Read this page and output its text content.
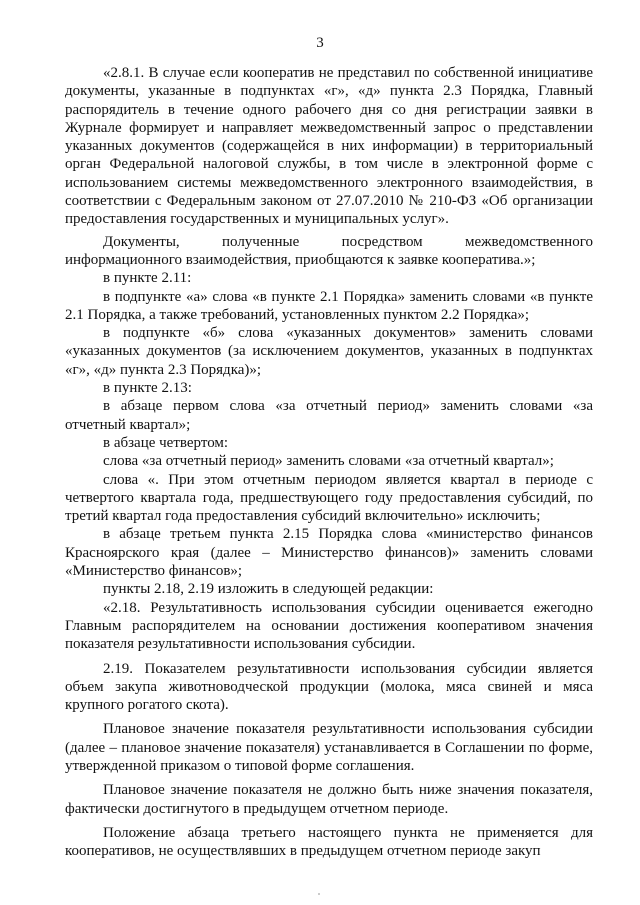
3

«2.8.1. В случае если кооператив не представил по собственной инициативе документы, указанные в подпунктах «г», «д» пункта 2.3 Порядка, Главный распорядитель в течение одного рабочего дня со дня регистрации заявки в Журнале формирует и направляет межведомственный запрос о представлении указанных документов (содержащейся в них информации) в территориальный орган Федеральной налоговой службы, в том числе в электронной форме с использованием системы межведомственного электронного взаимодействия, в соответствии с Федеральным законом от 27.07.2010 № 210-ФЗ «Об организации предоставления государственных и муниципальных услуг».

Документы, полученные посредством межведомственного информационного взаимодействия, приобщаются к заявке кооператива.»;

в пункте 2.11:

в подпункте «а» слова «в пункте 2.1 Порядка» заменить словами «в пункте 2.1 Порядка, а также требований, установленных пунктом 2.2 Порядка»;

в подпункте «б» слова «указанных документов» заменить словами «указанных документов (за исключением документов, указанных в подпунктах «г», «д» пункта 2.3 Порядка)»;

в пункте 2.13:

в абзаце первом слова «за отчетный период» заменить словами «за отчетный квартал»;

в абзаце четвертом:

слова «за отчетный период» заменить словами «за отчетный квартал»;

слова «. При этом отчетным периодом является квартал в периоде с четвертого квартала года, предшествующего году предоставления субсидий, по третий квартал года предоставления субсидий включительно» исключить;

в абзаце третьем пункта 2.15 Порядка слова «министерство финансов Красноярского края (далее – Министерство финансов)» заменить словами «Министерство финансов»;

пункты 2.18, 2.19 изложить в следующей редакции:

«2.18. Результативность использования субсидии оценивается ежегодно Главным распорядителем на основании достижения кооперативом значения показателя результативности использования субсидии.

2.19. Показателем результативности использования субсидии является объем закупа животноводческой продукции (молока, мяса свиней и мяса крупного рогатого скота).

Плановое значение показателя результативности использования субсидии (далее – плановое значение показателя) устанавливается в Соглашении по форме, утвержденной приказом о типовой форме соглашения.

Плановое значение показателя не должно быть ниже значения показателя, фактически достигнутого в предыдущем отчетном периоде.

Положение абзаца третьего настоящего пункта не применяется для кооперативов, не осуществлявших в предыдущем отчетном периоде закуп
